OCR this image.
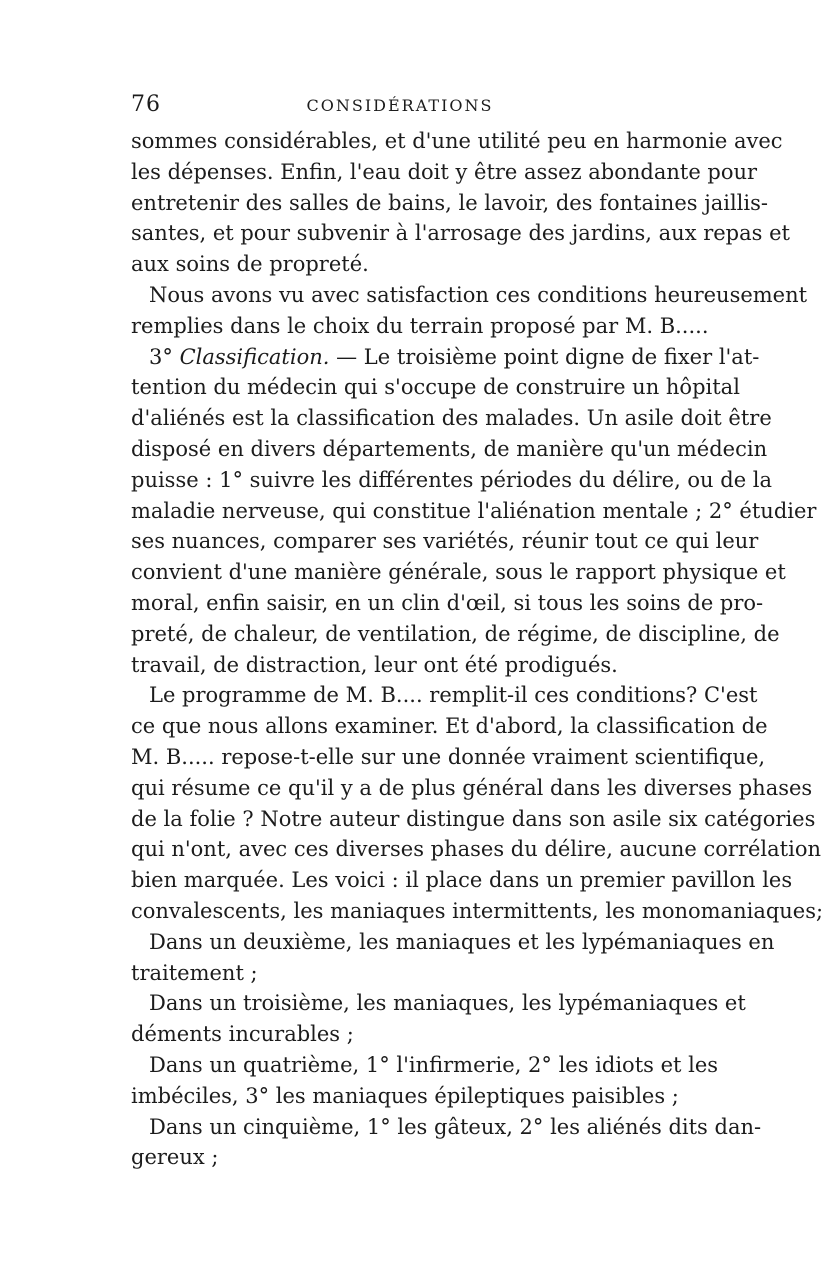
76	CONSIDÉRATIONS
sommes considérables, et d'une utilité peu en harmonie avec
les dépenses. Enfin, l'eau doit y être assez abondante pour
entretenir des salles de bains, le lavoir, des fontaines jaillis-
santes, et pour subvenir à l'arrosage des jardins, aux repas et
aux soins de propreté.
Nous avons vu avec satisfaction ces conditions heureusement
remplies dans le choix du terrain proposé par M. B.....
3° Classification. — Le troisième point digne de fixer l'at-
tention du médecin qui s'occupe de construire un hôpital
d'aliénés est la classification des malades. Un asile doit être
disposé en divers départements, de manière qu'un médecin
puisse : 1° suivre les différentes périodes du délire, ou de la
maladie nerveuse, qui constitue l'aliénation mentale ; 2° étudier
ses nuances, comparer ses variétés, réunir tout ce qui leur
convient d'une manière générale, sous le rapport physique et
moral, enfin saisir, en un clin d'œil, si tous les soins de pro-
preté, de chaleur, de ventilation, de régime, de discipline, de
travail, de distraction, leur ont été prodigués.
Le programme de M. B.... remplit-il ces conditions? C'est
ce que nous allons examiner. Et d'abord, la classification de
M. B..... repose-t-elle sur une donnée vraiment scientifique,
qui résume ce qu'il y a de plus général dans les diverses phases
de la folie ? Notre auteur distingue dans son asile six catégories
qui n'ont, avec ces diverses phases du délire, aucune corrélation
bien marquée. Les voici : il place dans un premier pavillon les
convalescents, les maniaques intermittents, les monomaniaques;
Dans un deuxième, les maniaques et les lypémaniaques en
traitement ;
Dans un troisième, les maniaques, les lypémaniaques et
déments incurables ;
Dans un quatrième, 1° l'infirmerie, 2° les idiots et les
imbéciles, 3° les maniaques épileptiques paisibles ;
Dans un cinquième, 1° les gâteux, 2° les aliénés dits dan-
gereux ;
